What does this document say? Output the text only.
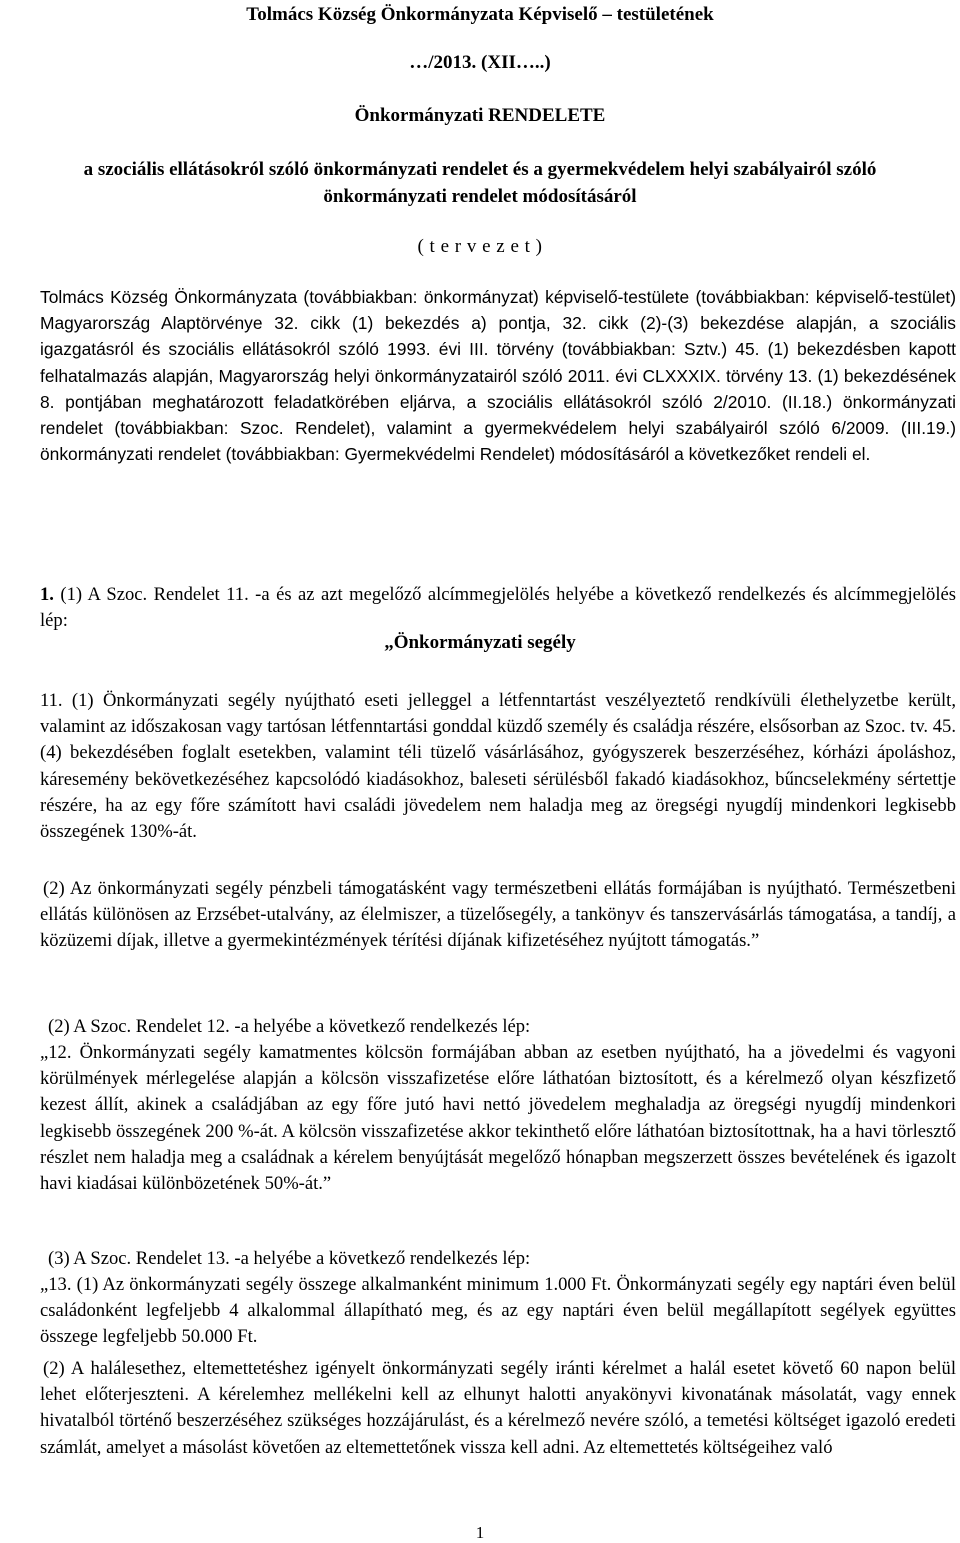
Tolmács Község Önkormányzata Képviselő – testületének
…/2013. (XII…..)
Önkormányzati RENDELETE
a szociális ellátásokról szóló önkormányzati rendelet és a gyermekvédelem helyi szabályairól szóló önkormányzati rendelet módosításáról
( t e r v e z e t )

Tolmács Község Önkormányzata (továbbiakban: önkormányzat) képviselő-testülete (továbbiakban: képviselő-testület) Magyarország Alaptörvénye 32. cikk (1) bekezdés a) pontja, 32. cikk (2)-(3) bekezdése alapján, a szociális igazgatásról és szociális ellátásokról szóló 1993. évi III. törvény (továbbiakban: Sztv.) 45. (1) bekezdésben kapott felhatalmazás alapján, Magyarország helyi önkormányzatairól szóló 2011. évi CLXXXIX. törvény 13. (1) bekezdésének 8. pontjában meghatározott feladatkörében eljárva, a szociális ellátásokról szóló 2/2010. (II.18.) önkormányzati rendelet (továbbiakban: Szoc. Rendelet), valamint a gyermekvédelem helyi szabályairól szóló 6/2009. (III.19.) önkormányzati rendelet (továbbiakban: Gyermekvédelmi Rendelet) módosításáról a következőket rendeli el.

1. (1) A Szoc. Rendelet 11. -a és az azt megelőző alcímmegjelölés helyébe a következő rendelkezés és alcímmegjelölés lép:

„Önkormányzati segély

11. (1) Önkormányzati segély nyújtható eseti jelleggel a létfenntartást veszélyeztető rendkívüli élethelyzetbe került, valamint az időszakosan vagy tartósan létfenntartási gonddal küzdő személy és családja részére, elsősorban az Szoc. tv. 45. (4) bekezdésében foglalt esetekben, valamint téli tüzelő vásárlásához, gyógyszerek beszerzéséhez, kórházi ápoláshoz, káresemény bekövetkezéséhez kapcsolódó kiadásokhoz, baleseti sérülésből fakadó kiadásokhoz, bűncselekmény sértettje részére, ha az egy főre számított havi családi jövedelem nem haladja meg az öregségi nyugdíj mindenkori legkisebb összegének 130%-át.

(2) Az önkormányzati segély pénzbeli támogatásként vagy természetbeni ellátás formájában is nyújtható. Természetbeni ellátás különösen az Erzsébet-utalvány, az élelmiszer, a tüzelősegély, a tankönyv és tanszervásárlás támogatása, a tandíj, a közüzemi díjak, illetve a gyermekintézmények térítési díjának kifizetéséhez nyújtott támogatás.”

(2) A Szoc. Rendelet 12. -a helyébe a következő rendelkezés lép:

„12. Önkormányzati segély kamatmentes kölcsön formájában abban az esetben nyújtható, ha a jövedelmi és vagyoni körülmények mérlegelése alapján a kölcsön visszafizetése előre láthatóan biztosított, és a kérelmező olyan készfizető kezest állít, akinek a családjában az egy főre jutó havi nettó jövedelem meghaladja az öregségi nyugdíj mindenkori legkisebb összegének 200 %-át. A kölcsön visszafizetése akkor tekinthető előre láthatóan biztosítottnak, ha a havi törlesztő részlet nem haladja meg a családnak a kérelem benyújtását megelőző hónapban megszerzett összes bevételének és igazolt havi kiadásai különbözetének 50%-át.”

(3) A Szoc. Rendelet 13. -a helyébe a következő rendelkezés lép:

„13. (1) Az önkormányzati segély összege alkalmanként minimum 1.000 Ft. Önkormányzati segély egy naptári éven belül családonként legfeljebb 4 alkalommal állapítható meg, és az egy naptári éven belül megállapított segélyek együttes összege legfeljebb 50.000 Ft.

(2) A halálesethez, eltemettetéshez igényelt önkormányzati segély iránti kérelmet a halál esetet követő 60 napon belül lehet előterjeszteni. A kérelemhez mellékelni kell az elhunyt halotti anyakönyvi kivonatának másolatát, vagy ennek hivatalból történő beszerzéséhez szükséges hozzájárulást, és a kérelmező nevére szóló, a temetési költséget igazoló eredeti számlát, amelyet a másolást követően az eltemettetőnek vissza kell adni. Az eltemettetés költségeihez való

1
